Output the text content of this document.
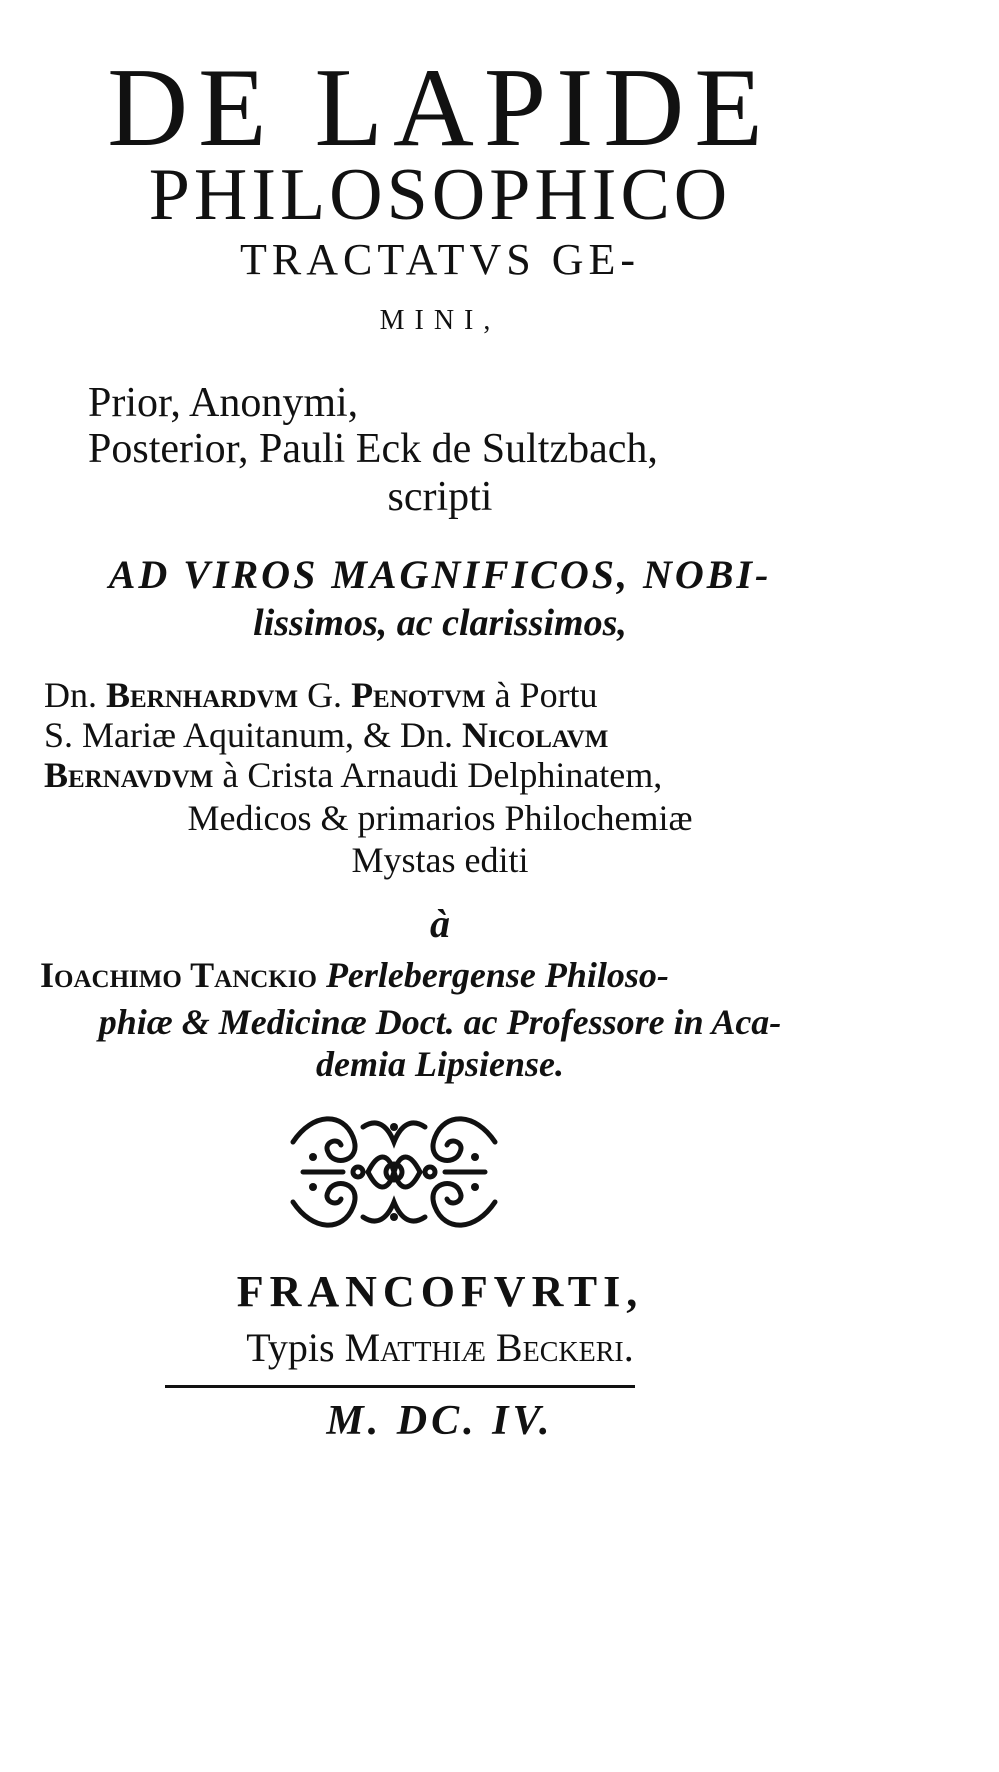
DE LAPIDE
PHILOSOPHICO
TRACTATVS GE-
MINI,
Prior, Anonymi,
Posterior, Pauli Eck de Sultzbach,
scripti
AD VIROS MAGNIFICOS, NOBI-
lissimos, ac clarissimos,
Dn. Bernhardvm G. Penotvm à Portu
S. Mariæ Aquitanum, & Dn. Nicolavm
Bernavdvm à Crista Arnaudi Delphinatem,
Medicos & primarios Philochemiæ
Mystas editi
à
Ioachimo Tanckio Perlebergense Philoso-
phiæ & Medicinæ Doct. ac Professore in Aca-
demia Lipsiense.
FRANCOFVRTI,
Typis Matthiæ Beckeri.
M. DC. IV.
